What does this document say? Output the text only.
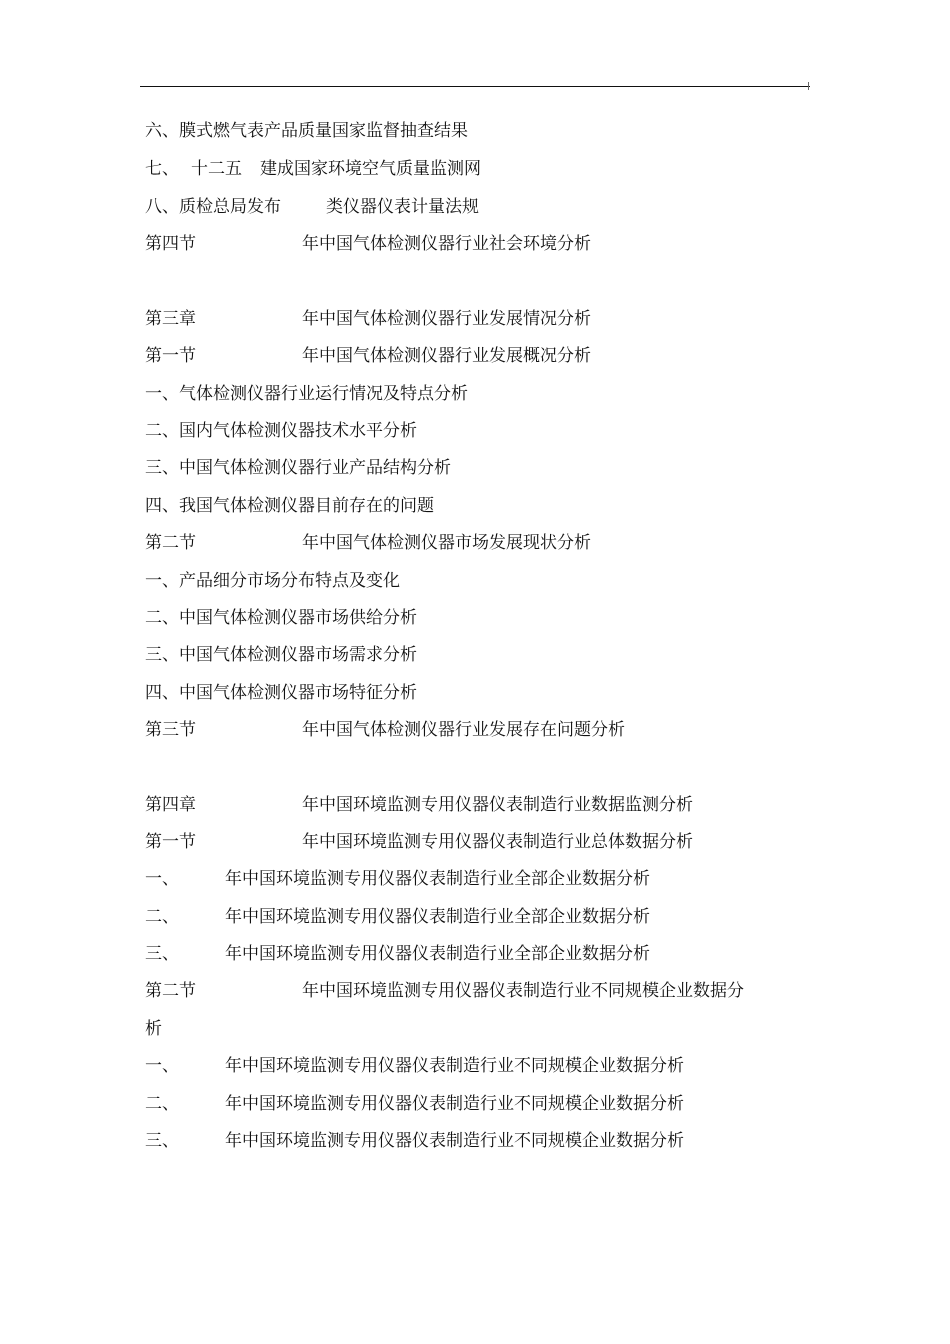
六、膜式燃气表产品质量国家监督抽查结果
七、 十二五 建成国家环境空气质量监测网
八、质检总局发布	类仪器仪表计量法规
第四节	年中国气体检测仪器行业社会环境分析
第三章	年中国气体检测仪器行业发展情况分析
第一节	年中国气体检测仪器行业发展概况分析
一、气体检测仪器行业运行情况及特点分析
二、国内气体检测仪器技术水平分析
三、中国气体检测仪器行业产品结构分析
四、我国气体检测仪器目前存在的问题
第二节	年中国气体检测仪器市场发展现状分析
一、产品细分市场分布特点及变化
二、中国气体检测仪器市场供给分析
三、中国气体检测仪器市场需求分析
四、中国气体检测仪器市场特征分析
第三节	年中国气体检测仪器行业发展存在问题分析
第四章	年中国环境监测专用仪器仪表制造行业数据监测分析
第一节	年中国环境监测专用仪器仪表制造行业总体数据分析
一、	年中国环境监测专用仪器仪表制造行业全部企业数据分析
二、	年中国环境监测专用仪器仪表制造行业全部企业数据分析
三、	年中国环境监测专用仪器仪表制造行业全部企业数据分析
第二节	年中国环境监测专用仪器仪表制造行业不同规模企业数据分
析
一、	年中国环境监测专用仪器仪表制造行业不同规模企业数据分析
二、	年中国环境监测专用仪器仪表制造行业不同规模企业数据分析
三、	年中国环境监测专用仪器仪表制造行业不同规模企业数据分析
